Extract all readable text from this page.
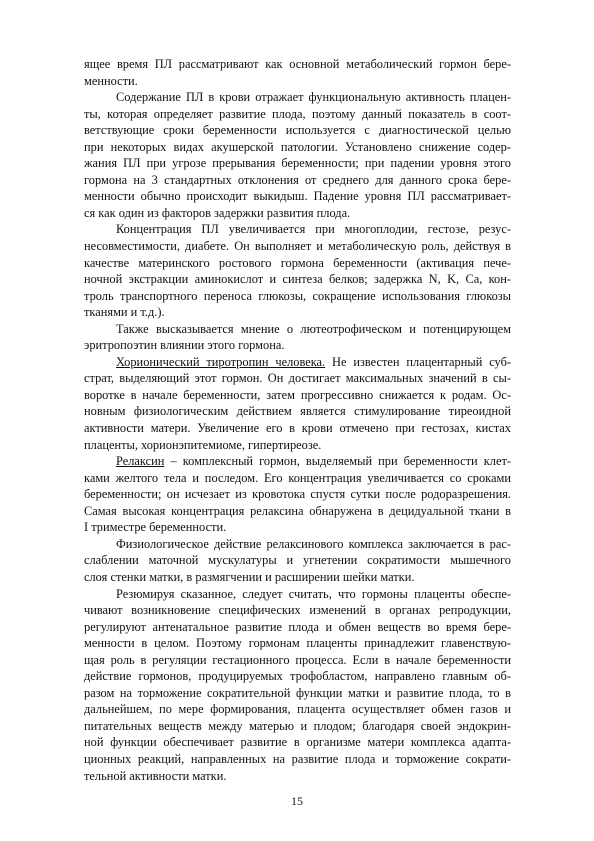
ящее время ПЛ рассматривают как основной метаболический гормон бере-
менности.
Содержание ПЛ в крови отражает функциональную активность плацен-
ты, которая определяет развитие плода, поэтому данный показатель в соот-
ветствующие сроки беременности используется с диагностической целью
при некоторых видах акушерской патологии. Установлено снижение содер-
жания ПЛ при угрозе прерывания беременности; при падении уровня этого
гормона на 3 стандартных отклонения от среднего для данного срока бере-
менности обычно происходит выкидыш. Падение уровня ПЛ рассматривает-
ся как один из факторов задержки развития плода.
Концентрация ПЛ увеличивается при многоплодии, гестозе, резус-
несовместимости, диабете. Он выполняет и метаболическую роль, действуя в
качестве материнского ростового гормона беременности (активация пече-
ночной экстракции аминокислот и синтеза белков; задержка N, K, Ca, кон-
троль транспортного переноса глюкозы, сокращение использования глюкозы
тканями и т.д.).
Также высказывается мнение о лютеотрофическом и потенцирующем
эритропоэтин влиянии этого гормона.
Хорионический тиротропин человека. Не известен плацентарный суб-
страт, выделяющий этот гормон. Он достигает максимальных значений в сы-
воротке в начале беременности, затем прогрессивно снижается к родам. Ос-
новным физиологическим действием является стимулирование тиреоидной
активности матери. Увеличение его в крови отмечено при гестозах, кистах
плаценты, хорионэпитемиоме, гипертиреозе.
Релаксин – комплексный гормон, выделяемый при беременности клет-
ками желтого тела и последом. Его концентрация увеличивается со сроками
беременности; он исчезает из кровотока спустя сутки после родоразрешения.
Самая высокая концентрация релаксина обнаружена в децидуальной ткани в
I триместре беременности.
Физиологическое действие релаксинового комплекса заключается в рас-
слаблении маточной мускулатуры и угнетении сократимости мышечного
слоя стенки матки, в размягчении и расширении шейки матки.
Резюмируя сказанное, следует считать, что гормоны плаценты обеспе-
чивают возникновение специфических изменений в органах репродукции,
регулируют антенатальное развитие плода и обмен веществ во время бере-
менности в целом. Поэтому гормонам плаценты принадлежит главенствую-
щая роль в регуляции гестационного процесса. Если в начале беременности
действие гормонов, продуцируемых трофобластом, направлено главным об-
разом на торможение сократительной функции матки и развитие плода, то в
дальнейшем, по мере формирования, плацента осуществляет обмен газов и
питательных веществ между матерью и плодом; благодаря своей эндокрин-
ной функции обеспечивает развитие в организме матери комплекса адапта-
ционных реакций, направленных на развитие плода и торможение сократи-
тельной активности матки.
15
